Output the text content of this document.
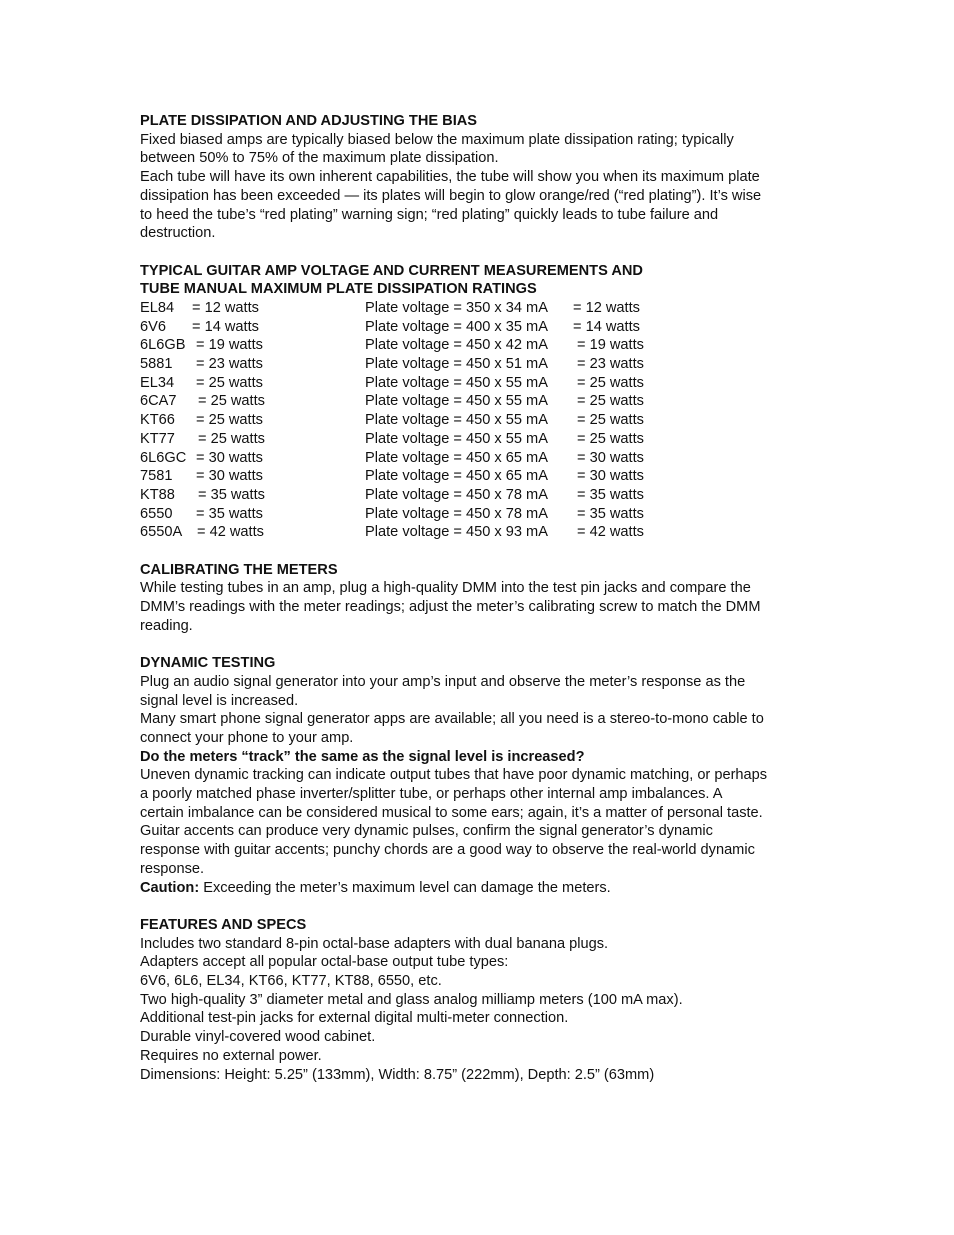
PLATE DISSIPATION AND ADJUSTING THE BIAS

Fixed biased amps are typically biased below the maximum plate dissipation rating; typically

between 50% to 75% of the maximum plate dissipation.

Each tube will have its own inherent capabilities, the tube will show you when its maximum plate

dissipation has been exceeded — its plates will begin to glow orange/red (“red plating”). It’s wise

to heed the tube’s “red plating” warning sign; “red plating” quickly leads to tube failure and

destruction.

TYPICAL GUITAR AMP VOLTAGE AND CURRENT MEASUREMENTS AND

TUBE MANUAL MAXIMUM PLATE DISSIPATION RATINGS

EL84 = 12 watts	Plate voltage = 350 x 34 mA = 12 watts
6V6 = 14 watts	Plate voltage = 400 x 35 mA = 14 watts
6L6GB = 19 watts	Plate voltage = 450 x 42 mA = 19 watts
5881 = 23 watts	Plate voltage = 450 x 51 mA = 23 watts
EL34 = 25 watts	Plate voltage = 450 x 55 mA = 25 watts
6CA7 = 25 watts	Plate voltage = 450 x 55 mA = 25 watts
KT66 = 25 watts	Plate voltage = 450 x 55 mA = 25 watts
KT77 = 25 watts	Plate voltage = 450 x 55 mA = 25 watts
6L6GC = 30 watts	Plate voltage = 450 x 65 mA = 30 watts
7581 = 30 watts	Plate voltage = 450 x 65 mA = 30 watts
KT88 = 35 watts	Plate voltage = 450 x 78 mA = 35 watts
6550 = 35 watts	Plate voltage = 450 x 78 mA = 35 watts
6550A = 42 watts	Plate voltage = 450 x 93 mA = 42 watts

CALIBRATING THE METERS

While testing tubes in an amp, plug a high-quality DMM into the test pin jacks and compare the

DMM’s readings with the meter readings; adjust the meter’s calibrating screw to match the DMM

reading.

DYNAMIC TESTING

Plug an audio signal generator into your amp’s input and observe the meter’s response as the

signal level is increased.

Many smart phone signal generator apps are available; all you need is a stereo-to-mono cable to

connect your phone to your amp.

Do the meters “track” the same as the signal level is increased?

Uneven dynamic tracking can indicate output tubes that have poor dynamic matching, or perhaps

a poorly matched phase inverter/splitter tube, or perhaps other internal amp imbalances. A

certain imbalance can be considered musical to some ears; again, it’s a matter of personal taste.

Guitar accents can produce very dynamic pulses, confirm the signal generator’s dynamic

response with guitar accents; punchy chords are a good way to observe the real-world dynamic

response.

Caution: Exceeding the meter’s maximum level can damage the meters.

FEATURES AND SPECS

Includes two standard 8-pin octal-base adapters with dual banana plugs.

Adapters accept all popular octal-base output tube types:

6V6, 6L6, EL34, KT66, KT77, KT88, 6550, etc.

Two high-quality 3” diameter metal and glass analog milliamp meters (100 mA max).

Additional test-pin jacks for external digital multi-meter connection.

Durable vinyl-covered wood cabinet.

Requires no external power.

Dimensions: Height: 5.25” (133mm), Width: 8.75” (222mm), Depth: 2.5” (63mm)
